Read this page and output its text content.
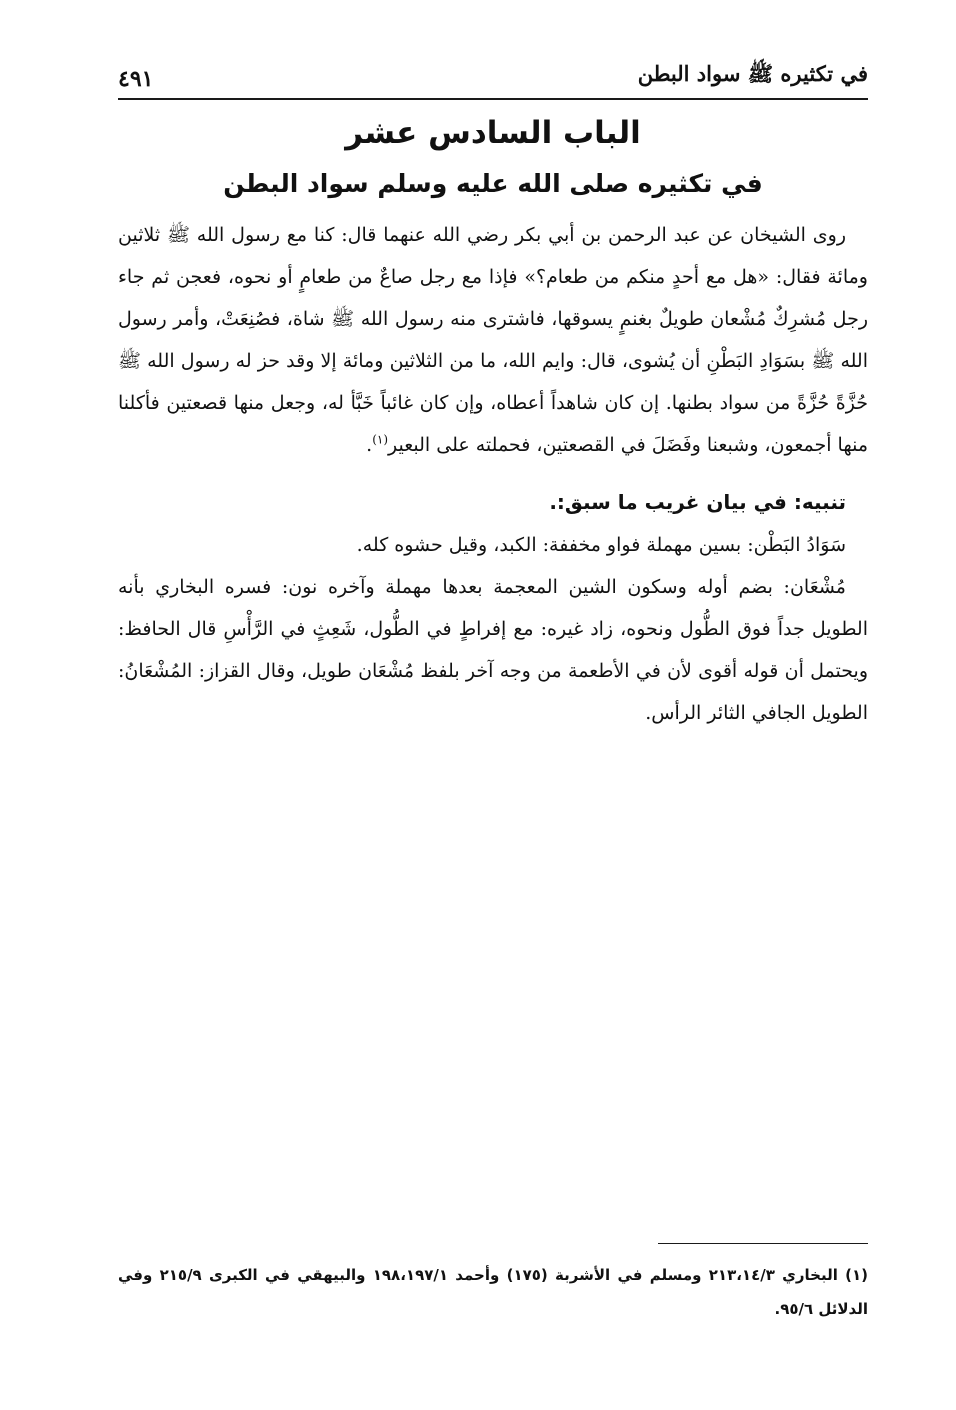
في تكثيره ﷺ سواد البطن
٤٩١
الباب السادس عشر
في تكثيره صلى الله عليه وسلم سواد البطن

روى الشيخان عن عبد الرحمن بن أبي بكر رضي الله عنهما قال: كنا مع رسول الله ﷺ ثلاثين ومائة فقال: «هل مع أحدٍ منكم من طعام؟» فإذا مع رجل صاعٌ من طعامٍ أو نحوه، فعجن ثم جاء رجل مُشرِكٌ مُشْعان طويلٌ بغنمٍ يسوقها، فاشترى منه رسول الله ﷺ شاة، فصُنِعَتْ، وأمر رسول الله ﷺ بسَوَادِ البَطْنِ أن يُشوى، قال: وايم الله، ما من الثلاثين ومائة إلا وقد حز له رسول الله ﷺ حُزَّةً حُزَّةً من سواد بطنها. إن كان شاهداً أعطاه، وإن كان غائباً خَبَّأ له، وجعل منها قصعتين فأكلنا منها أجمعون، وشبعنا وفَضَلَ في القصعتين، فحملته على البعير$^{(١)}$.

تنبيه: في بيان غريب ما سبق:.

سَوَادُ البَطْن: بسين مهملة فواو مخففة: الكبد، وقيل حشوه كله.

مُشْعَان: بضم أوله وسكون الشين المعجمة بعدها مهملة وآخره نون: فسره البخاري بأنه الطويل جداً فوق الطُّول ونحوه، زاد غيره: مع إفراطٍ في الطُّول، شَعِثٍ في الرَّأْسِ قال الحافظ: ويحتمل أن قوله أقوى لأن في الأطعمة من وجه آخر بلفظ مُشْعَان طويل، وقال القزاز: المُشْعَانُ: الطويل الجافي الثائر الرأس.

(١) البخاري ٢١٣،١٤/٣ ومسلم في الأشربة (١٧٥) وأحمد ١٩٨،١٩٧/١ والبيهقي في الكبرى ٢١٥/٩ وفي الدلائل ٩٥/٦.
